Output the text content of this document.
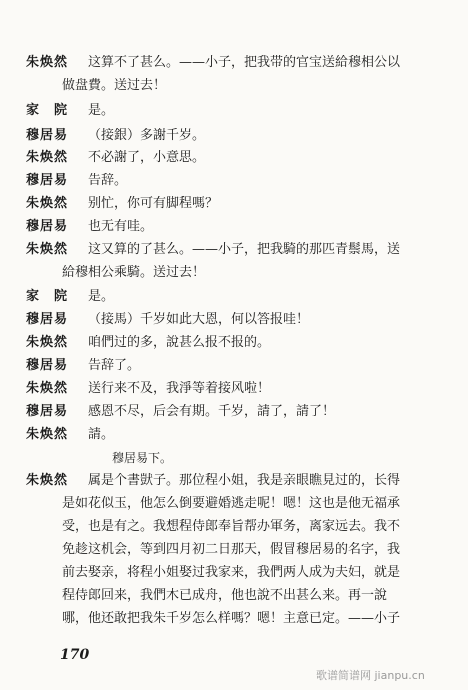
朱焕然	这算不了甚么。——小子，把我带的官宝送給穆相公以
做盘費。送过去！
家　院	是。
穆居易	（接銀）多謝千岁。
朱焕然	不必謝了，小意思。
穆居易	告辞。
朱焕然	别忙，你可有脚程嗎？
穆居易	也无有哇。
朱焕然	这又算的了甚么。——小子，把我騎的那匹青鬃馬，送
給穆相公乘騎。送过去！
家　院	是。
穆居易	（接馬）千岁如此大恩，何以答报哇！
朱焕然	咱們过的多，說甚么报不报的。
穆居易	告辞了。
朱焕然	送行来不及，我淨等着接风啦！
穆居易	感恩不尽，后会有期。千岁，請了，請了！
朱焕然	請。
穆居易下。
朱焕然	属是个書獃子。那位程小姐，我是亲眼瞧見过的，长得
是如花似玉，他怎么倒要避婚逃走呢！嗯！这也是他无福承
受，也是有之。我想程侍郎奉旨帮办軍务，离家远去。我不
免趁这机会，等到四月初二日那天，假冒穆居易的名字，我
前去娶亲，将程小姐娶过我家来，我們两人成为夫妇，就是
程侍郎回来，我們木已成舟，他也說不出甚么来。再一說
哪，他还敢把我朱千岁怎么样嗎？嗯！主意已定。——小子
170
歌谱简谱网 jianpu.cn
